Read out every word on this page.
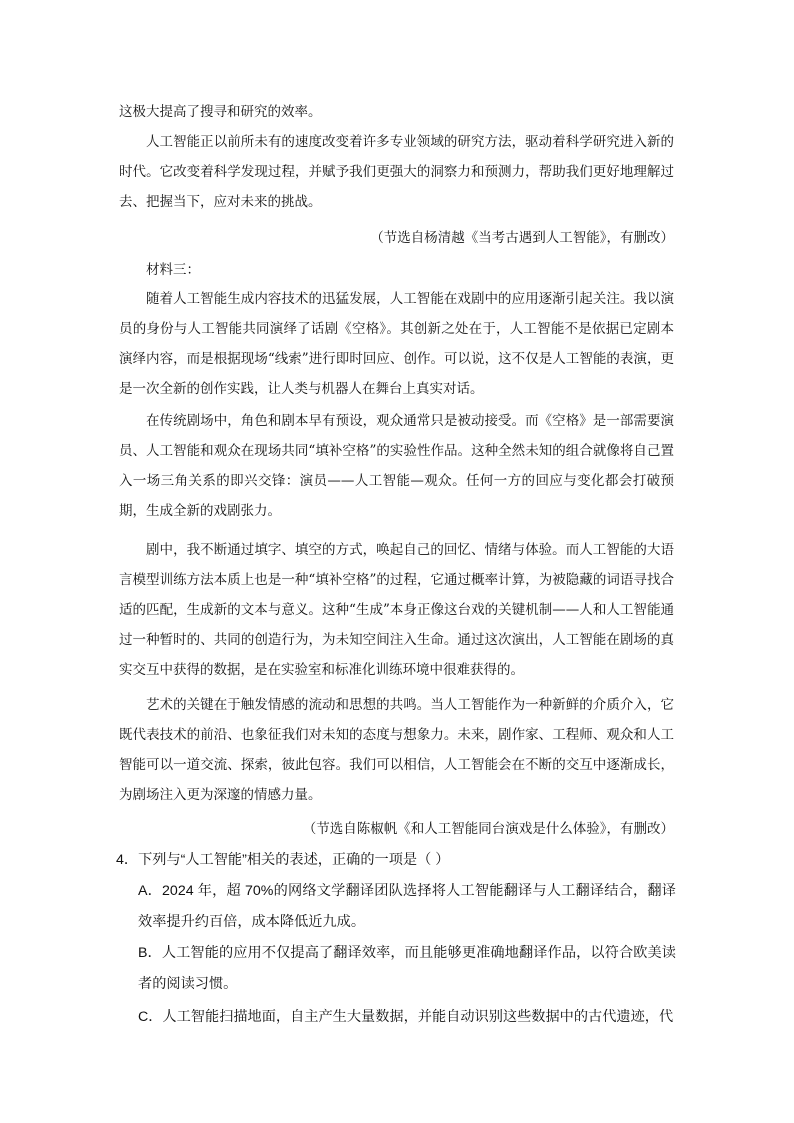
这极大提高了搜寻和研究的效率。

人工智能正以前所未有的速度改变着许多专业领域的研究方法，驱动着科学研究进入新的时代。它改变着科学发现过程，并赋予我们更强大的洞察力和预测力，帮助我们更好地理解过去、把握当下，应对未来的挑战。

（节选自杨清越《当考古遇到人工智能》，有删改）

材料三：

随着人工智能生成内容技术的迅猛发展，人工智能在戏剧中的应用逐渐引起关注。我以演员的身份与人工智能共同演绎了话剧《空格》。其创新之处在于，人工智能不是依据已定剧本演绎内容，而是根据现场“线索”进行即时回应、创作。可以说，这不仅是人工智能的表演，更是一次全新的创作实践，让人类与机器人在舞台上真实对话。

在传统剧场中，角色和剧本早有预设，观众通常只是被动接受。而《空格》是一部需要演员、人工智能和观众在现场共同“填补空格”的实验性作品。这种全然未知的组合就像将自己置入一场三角关系的即兴交锋：演员——人工智能—观众。任何一方的回应与变化都会打破预期，生成全新的戏剧张力。

剧中，我不断通过填字、填空的方式，唤起自己的回忆、情绪与体验。而人工智能的大语言模型训练方法本质上也是一种“填补空格”的过程，它通过概率计算，为被隐藏的词语寻找合适的匹配，生成新的文本与意义。这种“生成”本身正像这台戏的关键机制——人和人工智能通过一种暂时的、共同的创造行为，为未知空间注入生命。通过这次演出，人工智能在剧场的真实交互中获得的数据，是在实验室和标准化训练环境中很难获得的。

艺术的关键在于触发情感的流动和思想的共鸣。当人工智能作为一种新鲜的介质介入，它既代表技术的前沿、也象征我们对未知的态度与想象力。未来，剧作家、工程师、观众和人工智能可以一道交流、探索，彼此包容。我们可以相信，人工智能会在不断的交互中逐渐成长，为剧场注入更为深邃的情感力量。

（节选自陈椒帆《和人工智能同台演戏是什么体验》，有删改）

4．下列与“人工智能”相关的表述，正确的一项是（ ）

A．2024 年，超 70%的网络文学翻译团队选择将人工智能翻译与人工翻译结合，翻译效率提升约百倍，成本降低近九成。

B．人工智能的应用不仅提高了翻译效率，而且能够更准确地翻译作品，以符合欧美读者的阅读习惯。

C．人工智能扫描地面，自主产生大量数据，并能自动识别这些数据中的古代遗迹，代
